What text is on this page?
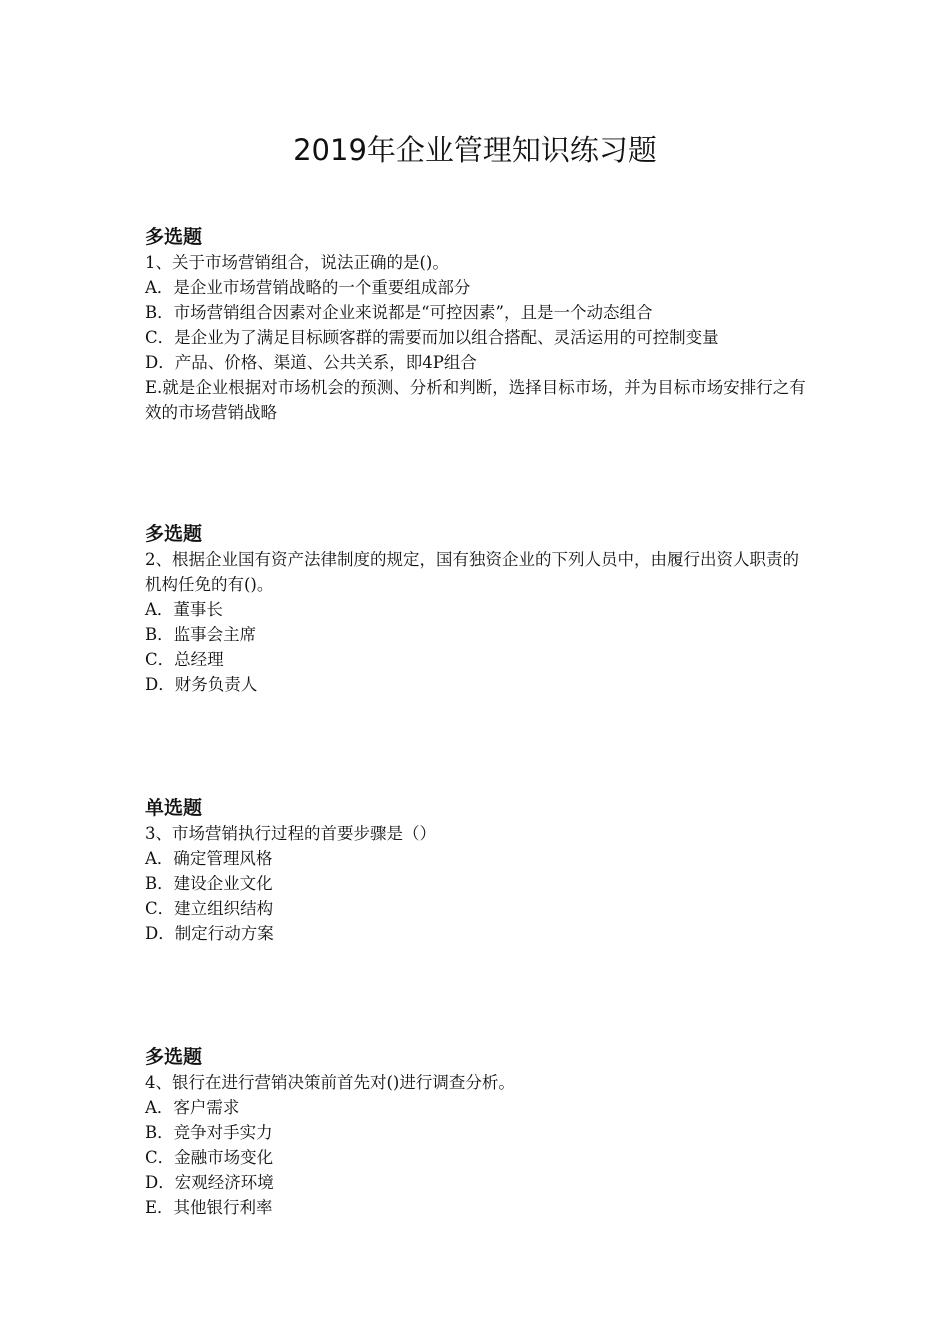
2019年企业管理知识练习题
多选题
1、关于市场营销组合，说法正确的是()。
A．是企业市场营销战略的一个重要组成部分
B．市场营销组合因素对企业来说都是“可控因素”，且是一个动态组合
C．是企业为了满足目标顾客群的需要而加以组合搭配、灵活运用的可控制变量
D．产品、价格、渠道、公共关系，即4P组合
E.就是企业根据对市场机会的预测、分析和判断，选择目标市场，并为目标市场安排行之有效的市场营销战略
多选题
2、根据企业国有资产法律制度的规定，国有独资企业的下列人员中，由履行出资人职责的机构任免的有()。
A．董事长
B．监事会主席
C．总经理
D．财务负责人
单选题
3、市场营销执行过程的首要步骤是（）
A．确定管理风格
B．建设企业文化
C．建立组织结构
D．制定行动方案
多选题
4、银行在进行营销决策前首先对()进行调查分析。
A．客户需求
B．竞争对手实力
C．金融市场变化
D．宏观经济环境
E．其他银行利率
